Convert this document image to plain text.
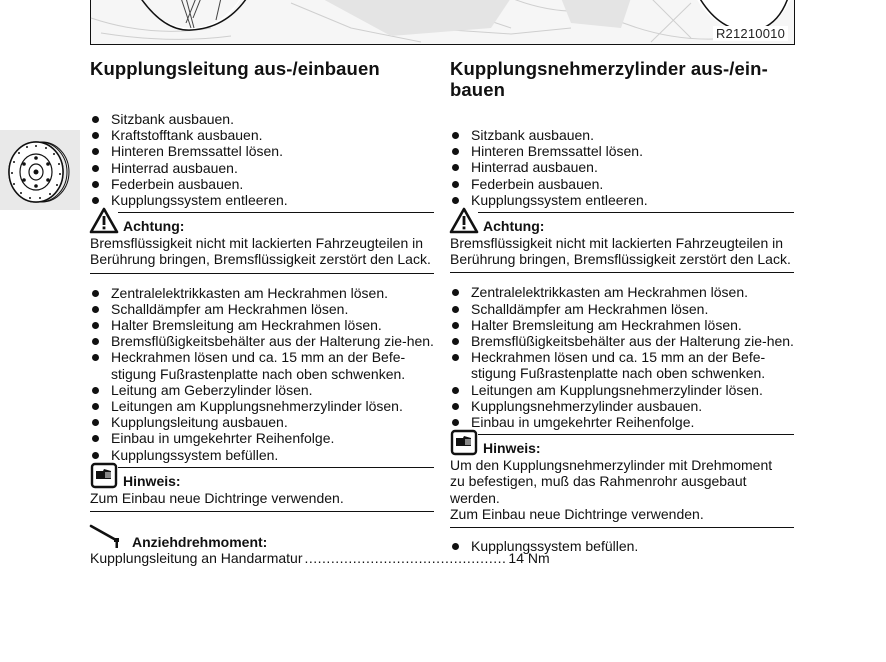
R21210010
Kupplungsleitung aus-/einbauen
Sitzbank ausbauen.
Kraftstofftank ausbauen.
Hinteren Bremssattel lösen.
Hinterrad ausbauen.
Federbein ausbauen.
Kupplungssystem entleeren.
Achtung:
Bremsflüssigkeit nicht mit lackierten Fahrzeugteilen in Berührung bringen, Bremsflüssigkeit zerstört den Lack.
Zentralelektrikkasten am Heckrahmen lösen.
Schalldämpfer am Heckrahmen lösen.
Halter Bremsleitung am Heckrahmen lösen.
Bremsflüßigkeitsbehälter aus der Halterung zie-hen.
Heckrahmen lösen und ca. 15 mm an der Befe-stigung Fußrastenplatte nach oben schwenken.
Leitung am Geberzylinder lösen.
Leitungen am Kupplungsnehmerzylinder lösen.
Kupplungsleitung ausbauen.
Einbau in umgekehrter Reihenfolge.
Kupplungssystem befüllen.
Hinweis:
Zum Einbau neue Dichtringe verwenden.
Anziehdrehmoment:
Kupplungsleitung an Handarmatur .............................................. 14 Nm
Kupplungsnehmerzylinder aus-/ein-
bauen
Sitzbank ausbauen.
Hinteren Bremssattel lösen.
Hinterrad ausbauen.
Federbein ausbauen.
Kupplungssystem entleeren.
Achtung:
Bremsflüssigkeit nicht mit lackierten Fahrzeugteilen in Berührung bringen, Bremsflüssigkeit zerstört den Lack.
Zentralelektrikkasten am Heckrahmen lösen.
Schalldämpfer am Heckrahmen lösen.
Halter Bremsleitung am Heckrahmen lösen.
Bremsflüßigkeitsbehälter aus der Halterung zie-hen.
Heckrahmen lösen und ca. 15 mm an der Befe-stigung Fußrastenplatte nach oben schwenken.
Leitungen am Kupplungsnehmerzylinder lösen.
Kupplungsnehmerzylinder ausbauen.
Einbau in umgekehrter Reihenfolge.
Hinweis:
Um den Kupplungsnehmerzylinder mit Drehmoment
zu befestigen, muß das Rahmenrohr ausgebaut
werden.
Zum Einbau neue Dichtringe verwenden.
Kupplungssystem befüllen.
